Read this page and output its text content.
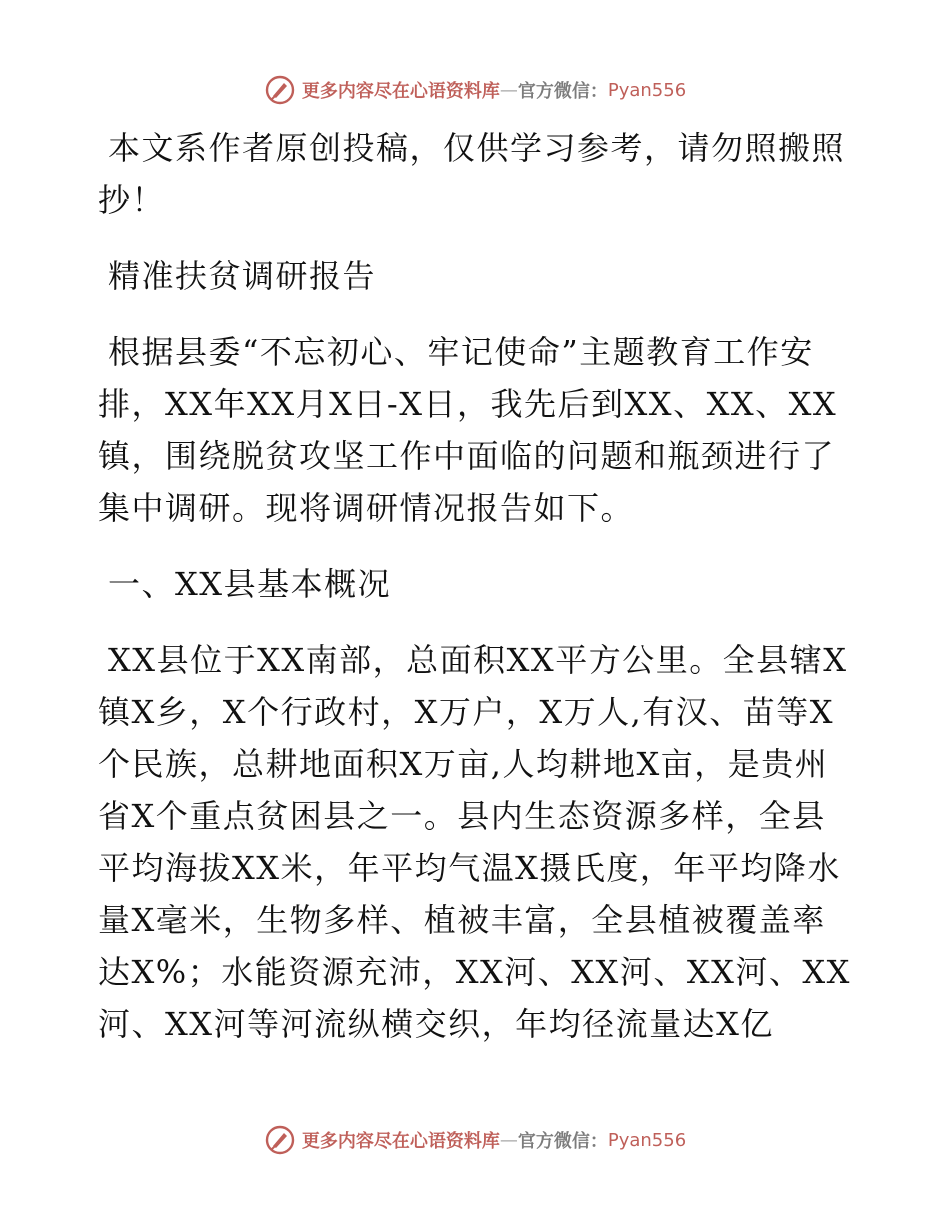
更多内容尽在心语资料库 — 官方微信： Pyan556

本文系作者原创投稿，仅供学习参考，请勿照搬照抄！

精准扶贫调研报告

根据县委“不忘初心、牢记使命”主题教育工作安排，XX年XX月X日-X日，我先后到XX、XX、XX镇，围绕脱贫攻坚工作中面临的问题和瓶颈进行了集中调研。现将调研情况报告如下。

一、XX县基本概况

XX县位于XX南部，总面积XX平方公里。全县辖X镇X乡，X个行政村，X万户，X万人,有汉、苗等X个民族，总耕地面积X万亩,人均耕地X亩，是贵州省X个重点贫困县之一。县内生态资源多样，全县平均海拔XX米，年平均气温X摄氏度，年平均降水量X毫米，生物多样、植被丰富，全县植被覆盖率达X%；水能资源充沛，XX河、XX河、XX河、XX河、XX河等河流纵横交织，年均径流量达X亿

更多内容尽在心语资料库 — 官方微信： Pyan556
